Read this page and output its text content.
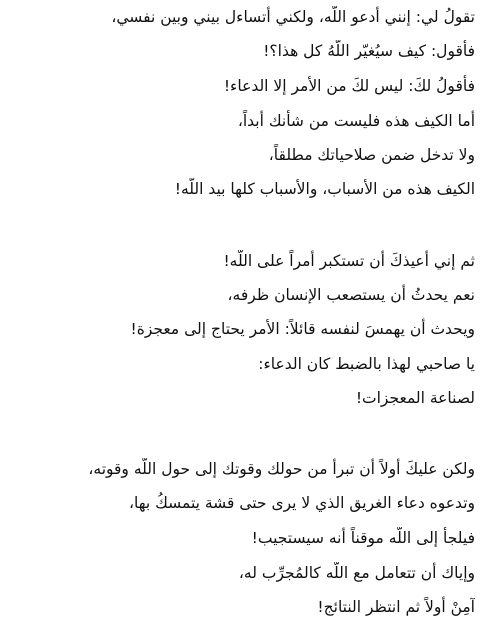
تقولُ لي: إنني أدعو اللّه، ولكني أتساءل بيني وبين نفسي،
فأقول: كيف سيُغيّر اللّهُ كل هذا؟!
فأقولُ لكَ: ليس لكَ من الأمر إلا الدعاء!
أما الكيف هذه فليست من شأنك أبداً،
ولا تدخل ضمن صلاحياتك مطلقاً،
الكيف هذه من الأسباب، والأسباب كلها بيد اللّه!
ثم إني أُعيذكَ أن تستكبر أمراً على اللّه!
نعم يحدثُ أن يستصعب الإنسان ظرفه،
ويحدث أن يهمسَ لنفسه قائلاً: الأمر يحتاج إلى معجزة!
يا صاحبي لهذا بالضبط كان الدعاء:
لصناعة المعجزات!
ولكن عليكَ أولاً أن تبرأ من حولك وقوتك إلى حول اللّه وقوته،
وتدعوه دعاء الغريق الذي لا يرى حتى قشة يتمسكُ بها،
فيلجأ إلى اللّه موقناً أنه سيستجيب!
وإياك أن تتعامل مع اللّه كالمُجرِّب له،
آمِنْ أولاً ثم انتظر النتائج!
